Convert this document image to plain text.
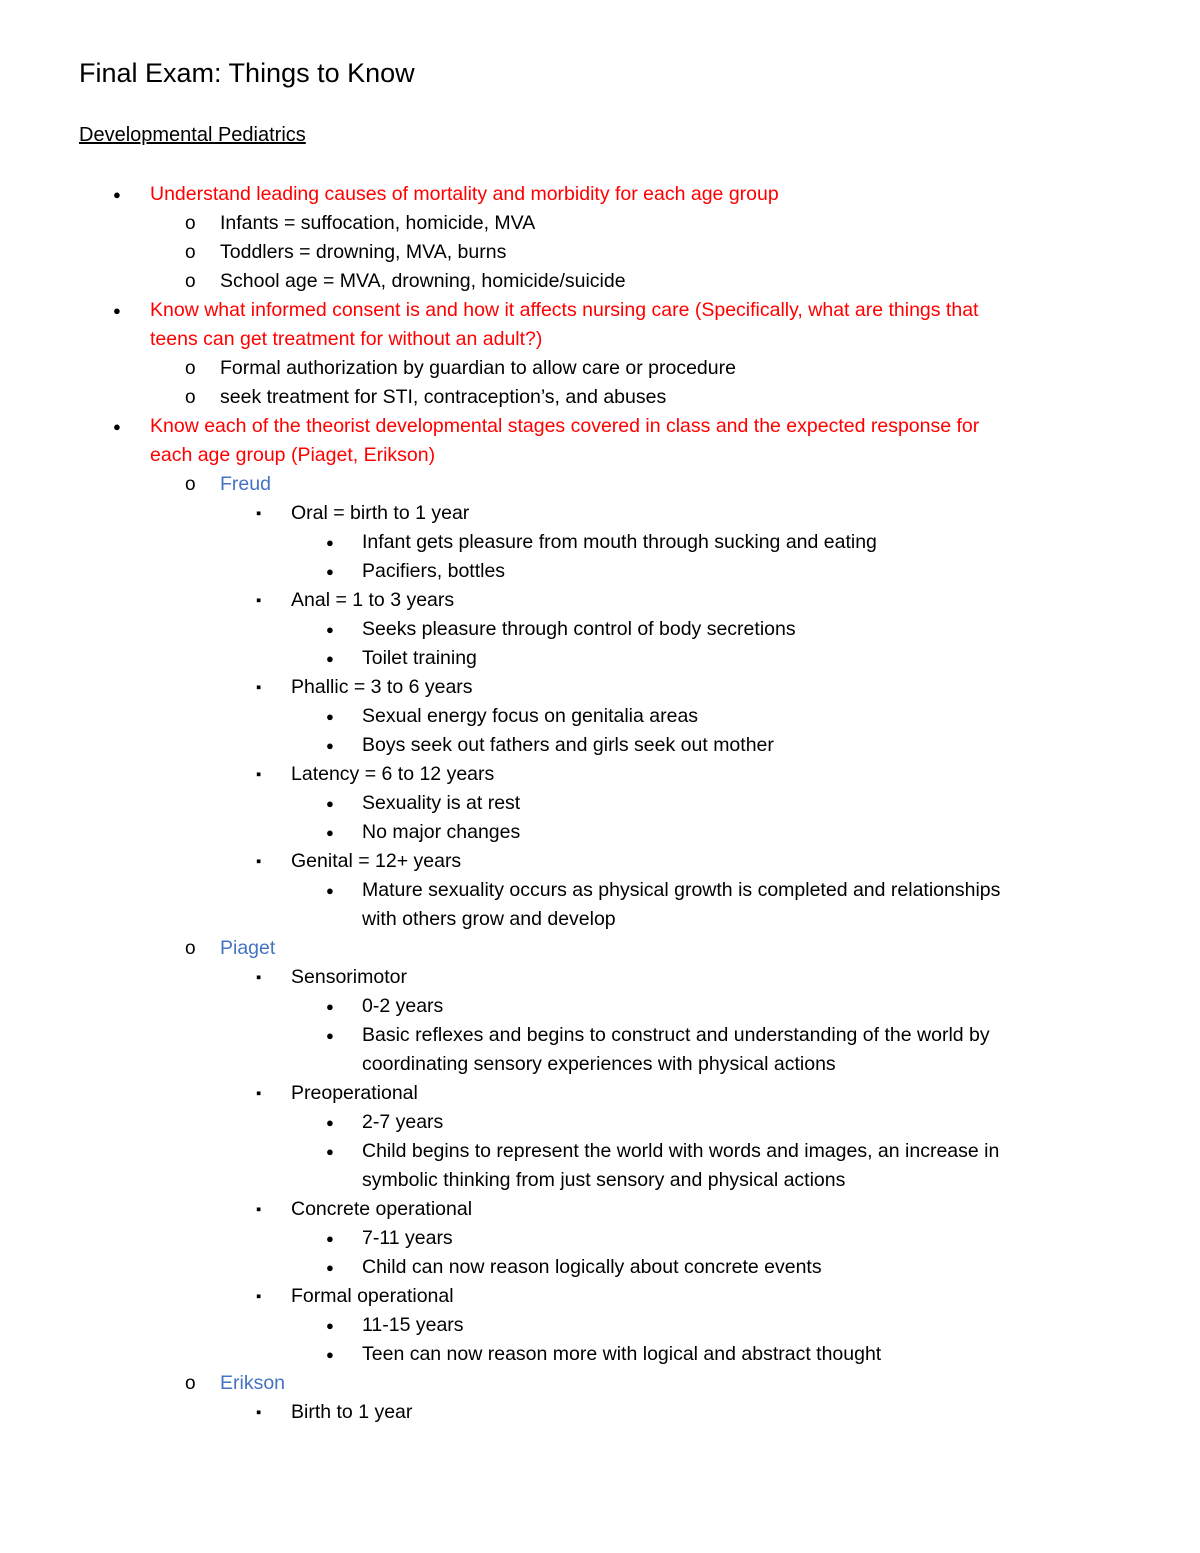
Final Exam: Things to Know
Developmental Pediatrics
● Understand leading causes of mortality and morbidity for each age group
o Infants = suffocation, homicide, MVA
o Toddlers = drowning, MVA, burns
o School age = MVA, drowning, homicide/suicide
● Know what informed consent is and how it affects nursing care (Specifically, what are things that
teens can get treatment for without an adult?)
o Formal authorization by guardian to allow care or procedure
o seek treatment for STI, contraception’s, and abuses
● Know each of the theorist developmental stages covered in class and the expected response for
each age group (Piaget, Erikson)
o Freud
▪ Oral = birth to 1 year
● Infant gets pleasure from mouth through sucking and eating
● Pacifiers, bottles
▪ Anal = 1 to 3 years
● Seeks pleasure through control of body secretions
● Toilet training
▪ Phallic = 3 to 6 years
● Sexual energy focus on genitalia areas
● Boys seek out fathers and girls seek out mother
▪ Latency = 6 to 12 years
● Sexuality is at rest
● No major changes
▪ Genital = 12+ years
● Mature sexuality occurs as physical growth is completed and relationships
with others grow and develop
o Piaget
▪ Sensorimotor
● 0-2 years
● Basic reflexes and begins to construct and understanding of the world by
coordinating sensory experiences with physical actions
▪ Preoperational
● 2-7 years
● Child begins to represent the world with words and images, an increase in
symbolic thinking from just sensory and physical actions
▪ Concrete operational
● 7-11 years
● Child can now reason logically about concrete events
▪ Formal operational
● 11-15 years
● Teen can now reason more with logical and abstract thought
o Erikson
▪ Birth to 1 year
